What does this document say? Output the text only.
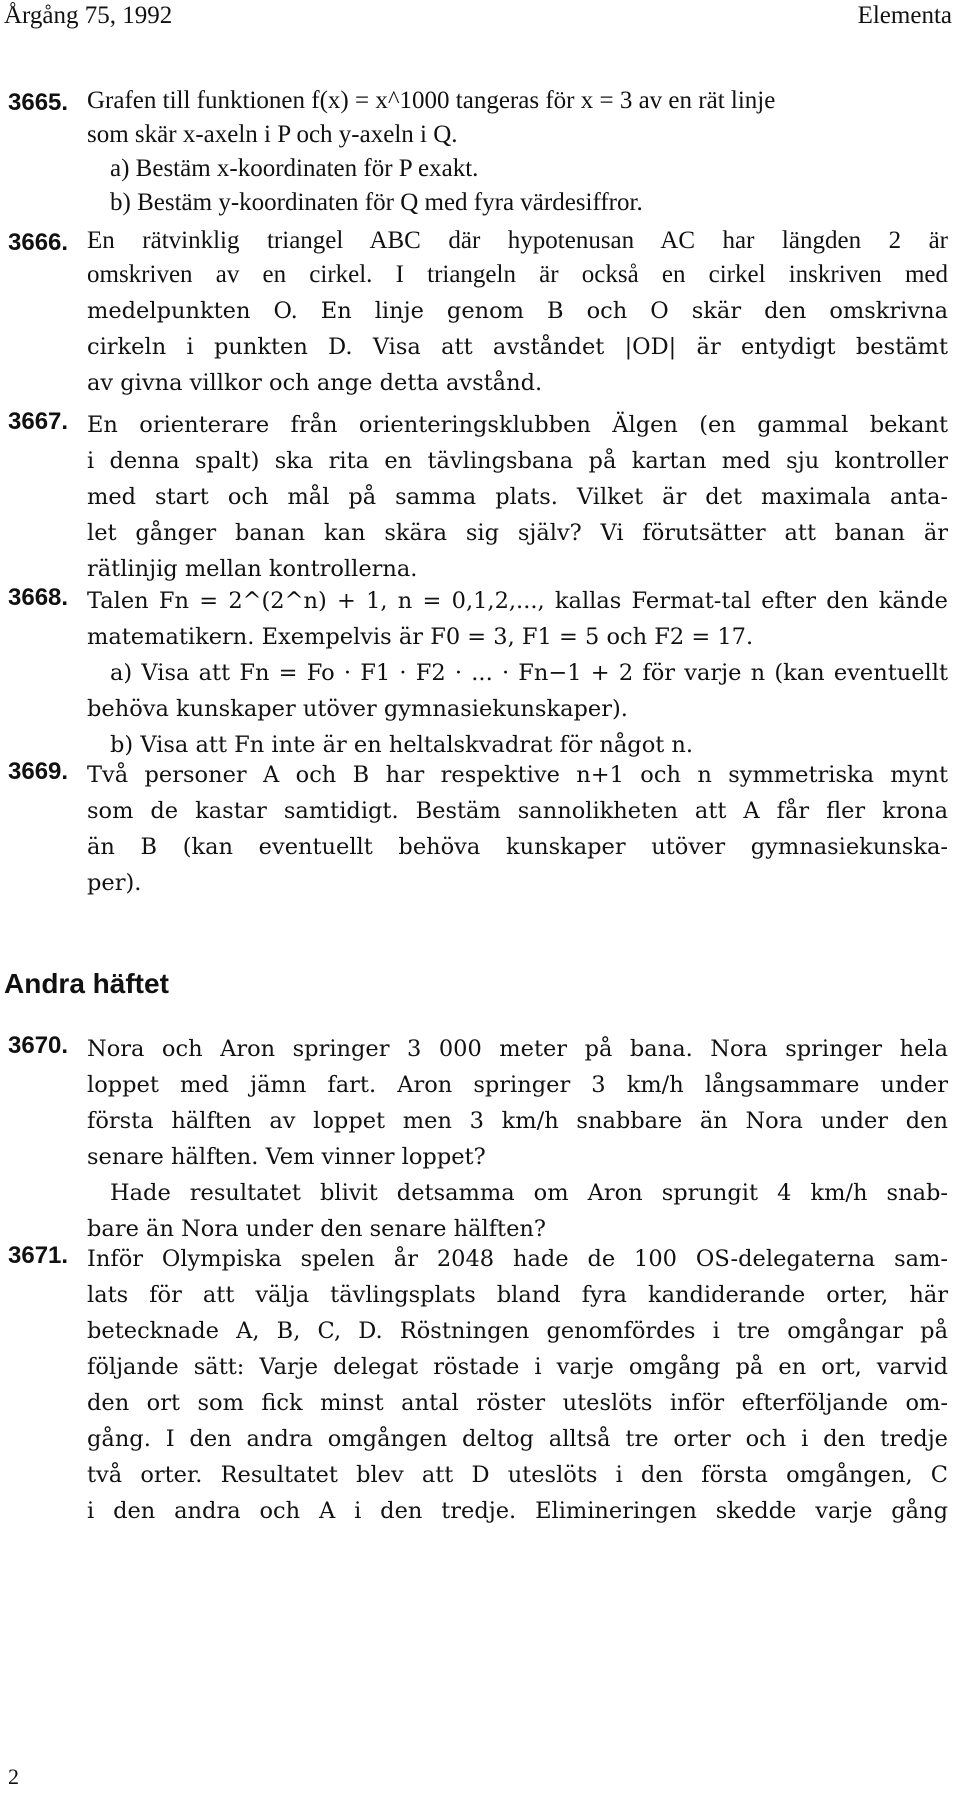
Årgång 75, 1992	Elementa
3665. Grafen till funktionen f(x) = x^1000 tangeras för x = 3 av en rät linje
som skär x-axeln i P och y-axeln i Q.
a) Bestäm x-koordinaten för P exakt.
b) Bestäm y-koordinaten för Q med fyra värdesiffror.
3666. En rätvinklig triangel ABC där hypotenusan AC har längden 2 är
omskriven av en cirkel. I triangeln är också en cirkel inskriven med
medelpunkten O. En linje genom B och O skär den omskrivna
cirkeln i punkten D. Visa att avståndet |OD| är entydigt bestämt
av givna villkor och ange detta avstånd.
3667. En orienterare från orienteringsklubben Älgen (en gammal bekant
i denna spalt) ska rita en tävlingsbana på kartan med sju kontroller
med start och mål på samma plats. Vilket är det maximala anta-
let gånger banan kan skära sig själv? Vi förutsätter att banan är
rätlinjig mellan kontrollerna.
3668. Talen Fn = 2^(2^n) + 1, n = 0,1,2,..., kallas Fermat-tal efter den kände
matematikern. Exempelvis är F0 = 3, F1 = 5 och F2 = 17.
a) Visa att Fn = Fo · F1 · F2 · ... · Fn−1 + 2 för varje n (kan eventuellt
behöva kunskaper utöver gymnasiekunskaper).
b) Visa att Fn inte är en heltalskvadrat för något n.
3669. Två personer A och B har respektive n+1 och n symmetriska mynt
som de kastar samtidigt. Bestäm sannolikheten att A får fler krona
än B (kan eventuellt behöva kunskaper utöver gymnasiekunska-
per).
Andra häftet
3670. Nora och Aron springer 3 000 meter på bana. Nora springer hela
loppet med jämn fart. Aron springer 3 km/h långsammare under
första hälften av loppet men 3 km/h snabbare än Nora under den
senare hälften. Vem vinner loppet?
Hade resultatet blivit detsamma om Aron sprungit 4 km/h snab-
bare än Nora under den senare hälften?
3671. Inför Olympiska spelen år 2048 hade de 100 OS-delegaterna sam-
lats för att välja tävlingsplats bland fyra kandiderande orter, här
betecknade A, B, C, D. Röstningen genomfördes i tre omgångar på
följande sätt: Varje delegat röstade i varje omgång på en ort, varvid
den ort som fick minst antal röster uteslöts inför efterföljande om-
gång. I den andra omgången deltog alltså tre orter och i den tredje
två orter. Resultatet blev att D uteslöts i den första omgången, C
i den andra och A i den tredje. Elimineringen skedde varje gång
2
